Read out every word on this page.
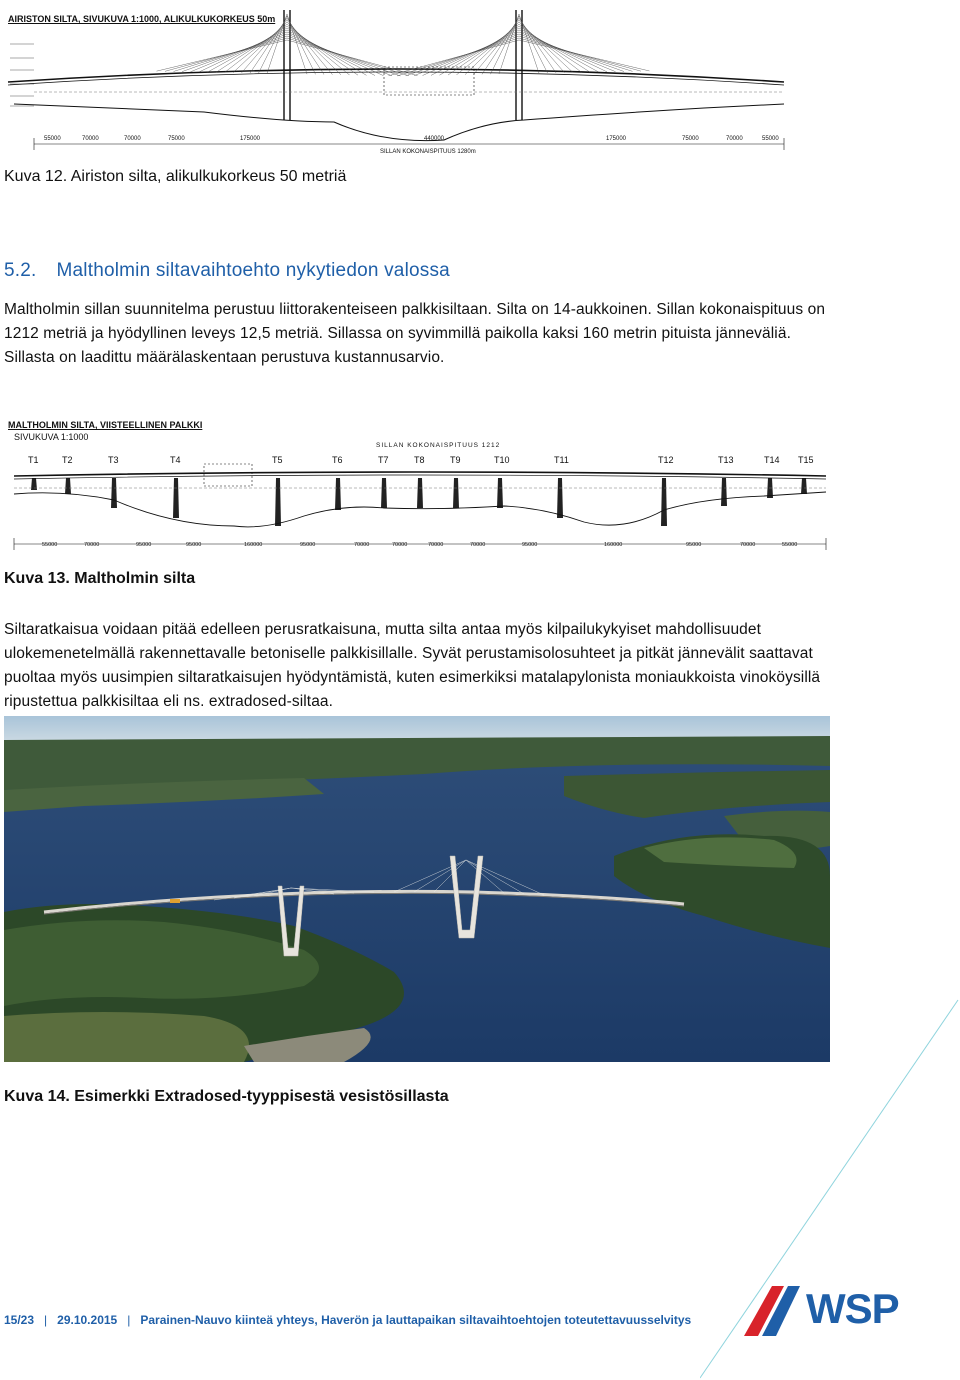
AIRISTON SILTA, SIVUKUVA 1:1000, ALIKULKUKORKEUS 50m
55000	70000	70000	75000	175000	440000	175000	75000	70000	55000
SILLAN KOKONAISPITUUS 1280m
Kuva 12. Airiston silta, alikulkukorkeus 50 metriä
5.2. Maltholmin siltavaihtoehto nykytiedon valossa

Maltholmin sillan suunnitelma perustuu liittorakenteiseen palkkisiltaan. Silta on 14-aukkoinen. Sillan kokonaispituus on 1212 metriä ja hyödyllinen leveys 12,5 metriä. Sillassa on syvimmillä paikolla kaksi 160 metrin pituista jänneväliä. Sillasta on laadittu määrälaskentaan perustuva kustannusarvio.

MALTHOLMIN SILTA, VIISTEELLINEN PALKKI
SIVUKUVA 1:1000
SILLAN KOKONAISPITUUS 1212
T1	T2	T3	T4	T5	T6	T7	T8	T9	T10	T11	T12	T13	T14 T15
55000	70000	95000	95000	160000	95000	70000	70000	70000	70000	95000	160000	95000	70000	55000
Kuva 13. Maltholmin silta

Siltaratkaisua voidaan pitää edelleen perusratkaisuna, mutta silta antaa myös kilpailukykyiset mahdollisuudet ulokemenetelmällä rakennettavalle betoniselle palkkisillalle. Syvät perustamisolosuhteet ja pitkät jännevälit saattavat puoltaa myös uusimpien siltaratkaisujen hyödyntämistä, kuten esimerkiksi matalapylonista moniaukkoista vinoköysillä ripustettua palkkisiltaa eli ns. extradosed-siltaa.

Kuva 14. Esimerkki Extradosed-tyyppisestä vesistösillasta
15/23 | 29.10.2015 | Parainen-Nauvo kiinteä yhteys, Haverön ja lauttapaikan siltavaihtoehtojen toteutettavuusselvitys	WSP
